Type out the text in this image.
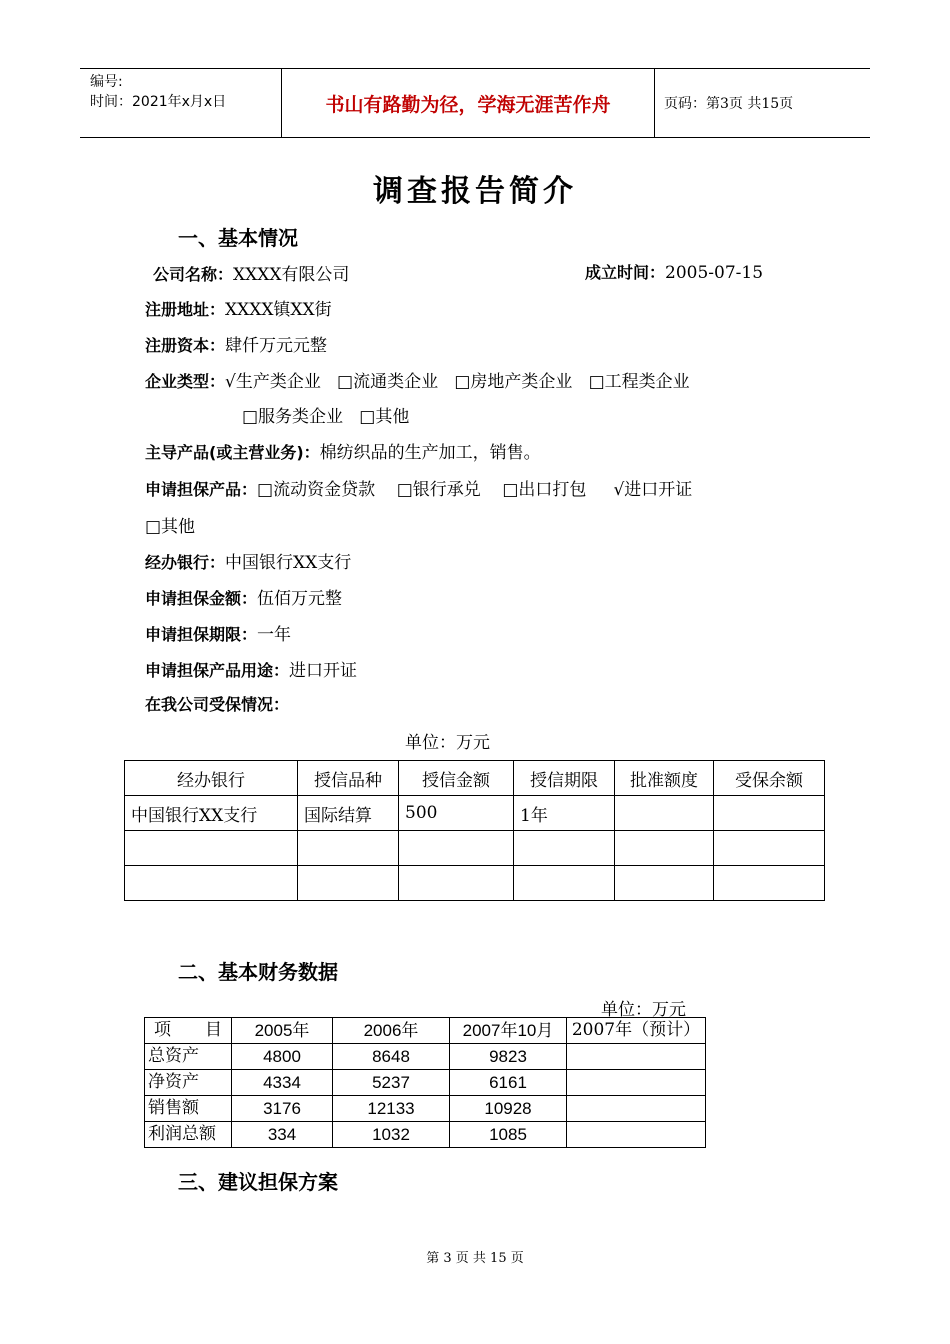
编号:
时间：2021年x月x日	书山有路勤为径，学海无涯苦作舟	页码：第3页 共15页
调查报告简介
一、基本情况
公司名称：XXXX有限公司	成立时间：2005-07-15
注册地址：XXXX镇XX街
注册资本：肆仟万元元整
企业类型：√生产类企业   □流通类企业   □房地产类企业   □工程类企业
□服务类企业   □其他
主导产品(或主营业务)：棉纺织品的生产加工，销售。
申请担保产品：□流动资金贷款    □银行承兑    □出口打包     √进口开证
□其他
经办银行：中国银行XX支行
申请担保金额：伍佰万元整
申请担保期限：一年
申请担保产品用途：进口开证
在我公司受保情况：
单位：万元
经办银行	授信品种	授信金额	授信期限	批准额度	受保余额
中国银行XX支行	国际结算	500	1年		

二、基本财务数据
单位：万元
项　　目	2005年	2006年	2007年10月	2007年（预计）
总资产	4800	8648	9823	
净资产	4334	5237	6161	
销售额	3176	12133	10928	
利润总额	334	1032	1085	
三、建议担保方案
第 3 页 共 15 页
